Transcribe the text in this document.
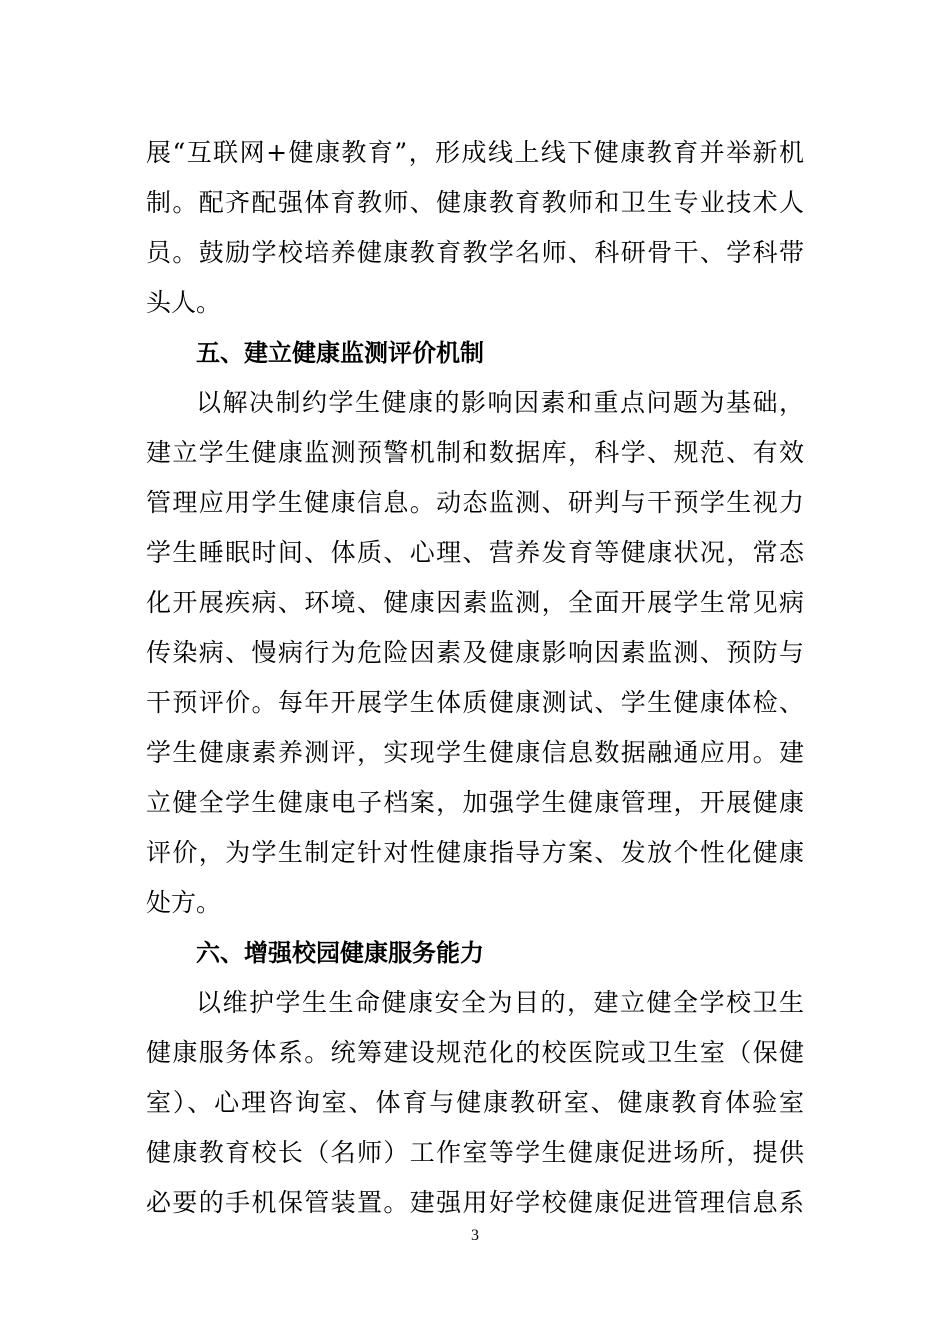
展“互联网+健康教育”，形成线上线下健康教育并举新机
制。配齐配强体育教师、健康教育教师和卫生专业技术人
员。鼓励学校培养健康教育教学名师、科研骨干、学科带
头人。
五、建立健康监测评价机制
以解决制约学生健康的影响因素和重点问题为基础，
建立学生健康监测预警机制和数据库，科学、规范、有效
管理应用学生健康信息。动态监测、研判与干预学生视力
学生睡眠时间、体质、心理、营养发育等健康状况，常态
化开展疾病、环境、健康因素监测，全面开展学生常见病
传染病、慢病行为危险因素及健康影响因素监测、预防与
干预评价。每年开展学生体质健康测试、学生健康体检、
学生健康素养测评，实现学生健康信息数据融通应用。建
立健全学生健康电子档案，加强学生健康管理，开展健康
评价，为学生制定针对性健康指导方案、发放个性化健康
处方。
六、增强校园健康服务能力
以维护学生生命健康安全为目的，建立健全学校卫生
健康服务体系。统筹建设规范化的校医院或卫生室（保健
室）、心理咨询室、体育与健康教研室、健康教育体验室
健康教育校长（名师）工作室等学生健康促进场所，提供
必要的手机保管装置。建强用好学校健康促进管理信息系
3
